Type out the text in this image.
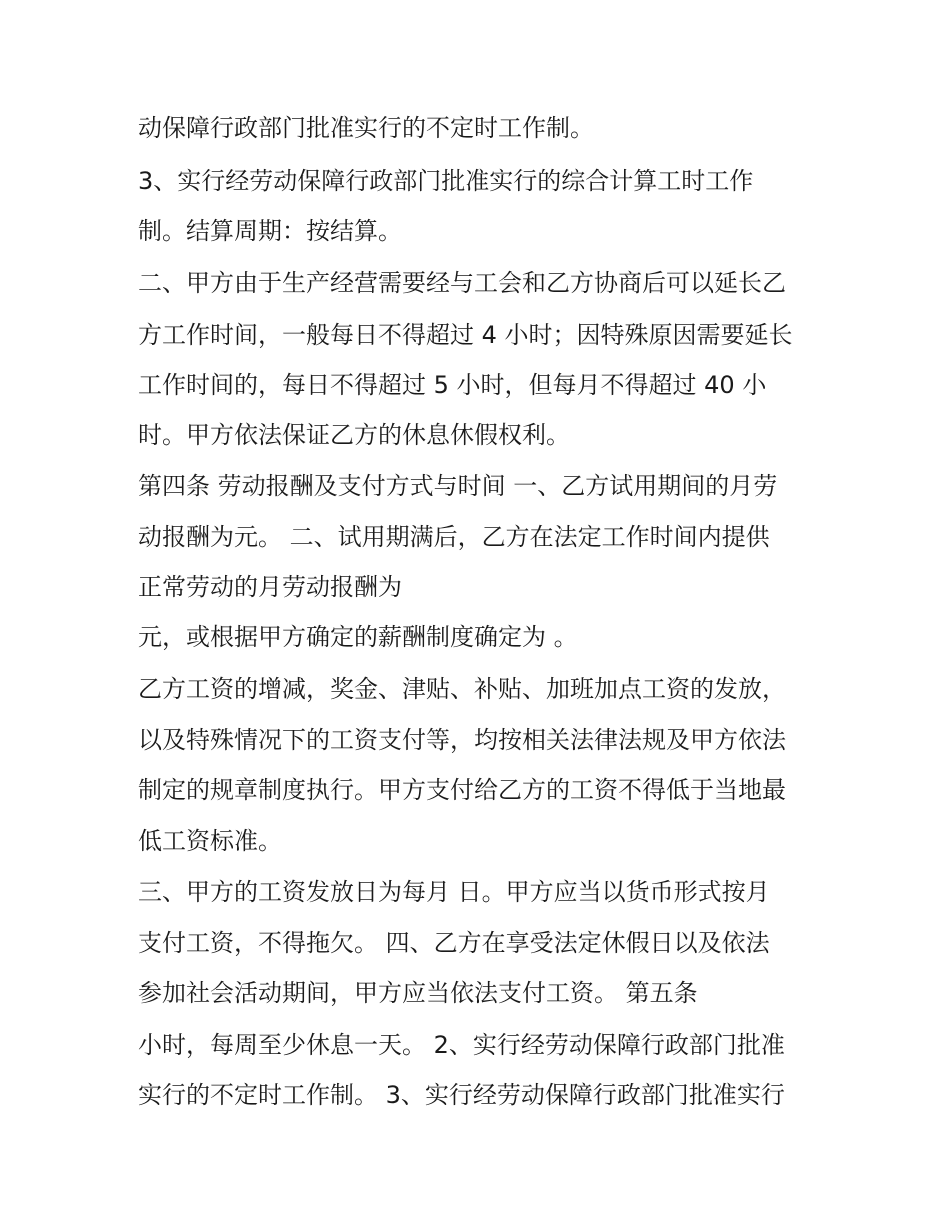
动保障行政部门批准实行的不定时工作制。

3、实行经劳动保障行政部门批准实行的综合计算工时工作

制。结算周期：按结算。

二、甲方由于生产经营需要经与工会和乙方协商后可以延长乙

方工作时间，一般每日不得超过 4 小时；因特殊原因需要延长

工作时间的，每日不得超过 5 小时，但每月不得超过 40 小

时。甲方依法保证乙方的休息休假权利。

第四条 劳动报酬及支付方式与时间 一、乙方试用期间的月劳

动报酬为元。 二、试用期满后，乙方在法定工作时间内提供

正常劳动的月劳动报酬为

元，或根据甲方确定的薪酬制度确定为 。

乙方工资的增减，奖金、津贴、补贴、加班加点工资的发放，

以及特殊情况下的工资支付等，均按相关法律法规及甲方依法

制定的规章制度执行。甲方支付给乙方的工资不得低于当地最

低工资标准。

三、甲方的工资发放日为每月 日。甲方应当以货币形式按月

支付工资，不得拖欠。 四、乙方在享受法定休假日以及依法

参加社会活动期间，甲方应当依法支付工资。 第五条

小时，每周至少休息一天。 2、实行经劳动保障行政部门批准

实行的不定时工作制。 3、实行经劳动保障行政部门批准实行
